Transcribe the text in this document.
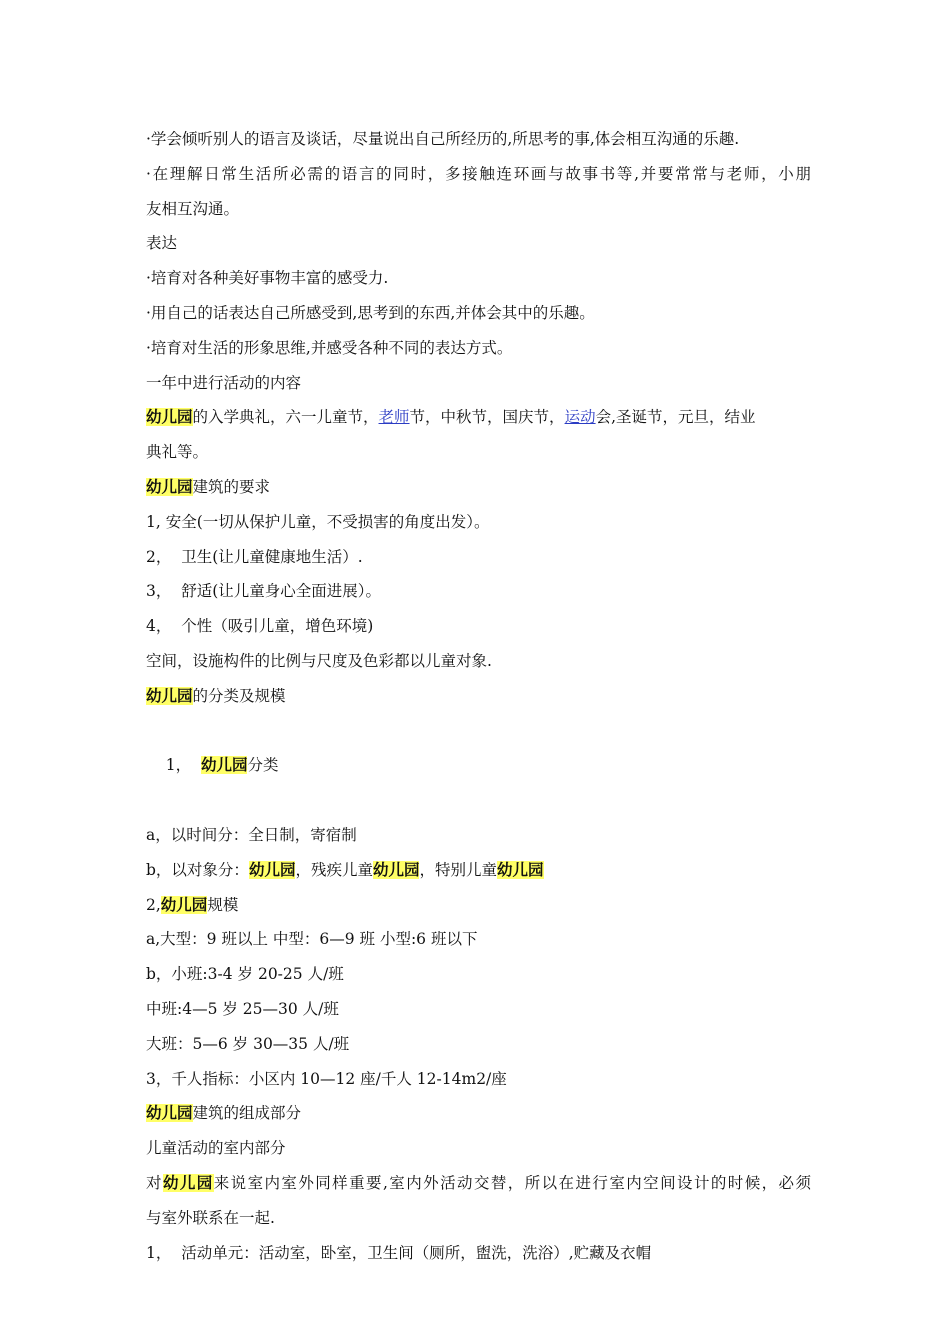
·学会倾听别人的语言及谈话，尽量说出自己所经历的,所思考的事,体会相互沟通的乐趣.
·在理解日常生活所必需的语言的同时，多接触连环画与故事书等,并要常常与老师，小朋
友相互沟通。
表达
·培育对各种美好事物丰富的感受力.
·用自己的话表达自己所感受到,思考到的东西,并体会其中的乐趣。
·培育对生活的形象思维,并感受各种不同的表达方式。
一年中进行活动的内容
幼儿园的入学典礼，六一儿童节，老师节，中秋节，国庆节，运动会,圣诞节，元旦，结业
典礼等。
幼儿园建筑的要求
1, 安全(一切从保护儿童，不受损害的角度出发）。
2，  卫生(让儿童健康地生活）.
3，  舒适(让儿童身心全面进展）。
4，  个性（吸引儿童，增色环境)
空间，设施构件的比例与尺度及色彩都以儿童对象.
幼儿园的分类及规模

1，  幼儿园分类

a，以时间分：全日制，寄宿制
b，以对象分：幼儿园，残疾儿童幼儿园，特别儿童幼儿园
2,幼儿园规模
a,大型：9 班以上 中型：6—9 班 小型:6 班以下
b，小班:3-4 岁 20-25 人/班
中班:4—5 岁 25—30 人/班
大班：5—6 岁 30—35 人/班
3，千人指标：小区内 10—12 座/千人 12-14m2/座
幼儿园建筑的组成部分
儿童活动的室内部分
对幼儿园来说室内室外同样重要,室内外活动交替，所以在进行室内空间设计的时候，必须
与室外联系在一起.
1，  活动单元：活动室，卧室，卫生间（厕所，盥洗，洗浴）,贮藏及衣帽
